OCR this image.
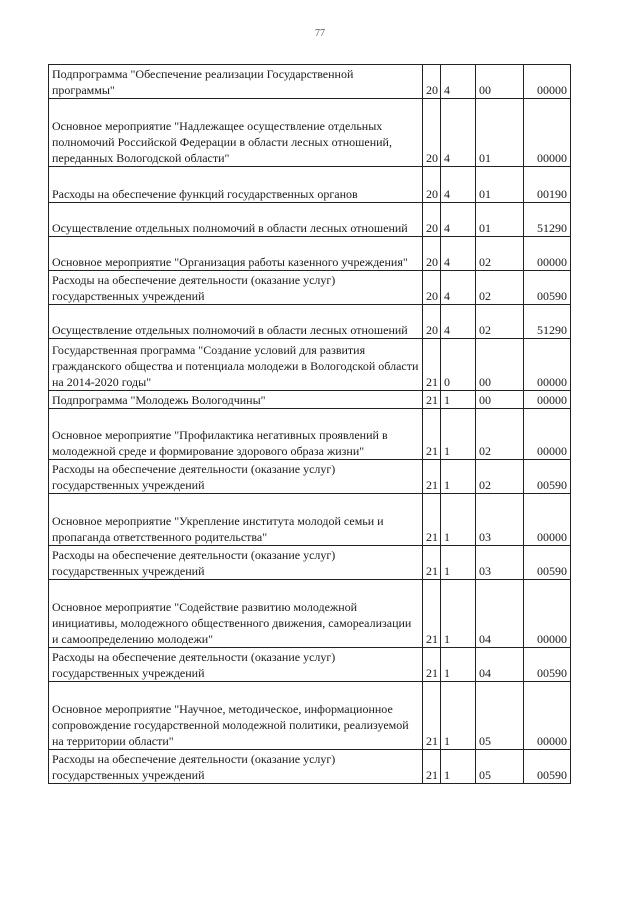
77
Подпрограмма "Обеспечение реализации Государственной программы"	20	4	00	00000

Основное мероприятие "Надлежащее осуществление отдельных полномочий Российской Федерации в области лесных отношений, переданных Вологодской области"	20	4	01	00000

Расходы на обеспечение функций государственных органов	20	4	01	00190

Осуществление отдельных полномочий в области лесных отношений	20	4	01	51290

Основное мероприятие "Организация работы казенного учреждения"	20	4	02	00000

Расходы на обеспечение деятельности (оказание услуг) государственных учреждений	20	4	02	00590

Осуществление отдельных полномочий в области лесных отношений	20	4	02	51290

Государственная программа "Создание условий для развития гражданского общества и потенциала молодежи в Вологодской области на 2014-2020 годы"	21	0	00	00000

Подпрограмма "Молодежь Вологодчины"	21	1	00	00000

Основное мероприятие "Профилактика негативных проявлений в молодежной среде и формирование здорового образа жизни"	21	1	02	00000

Расходы на обеспечение деятельности (оказание услуг) государственных учреждений	21	1	02	00590

Основное мероприятие "Укрепление института молодой семьи и пропаганда ответственного родительства"	21	1	03	00000

Расходы на обеспечение деятельности (оказание услуг) государственных учреждений	21	1	03	00590

Основное мероприятие "Содействие развитию молодежной инициативы, молодежного общественного движения, самореализации и самоопределению молодежи"	21	1	04	00000

Расходы на обеспечение деятельности (оказание услуг) государственных учреждений	21	1	04	00590

Основное мероприятие "Научное, методическое, информационное сопровождение государственной молодежной политики, реализуемой на территории области"	21	1	05	00000

Расходы на обеспечение деятельности (оказание услуг) государственных учреждений	21	1	05	00590
